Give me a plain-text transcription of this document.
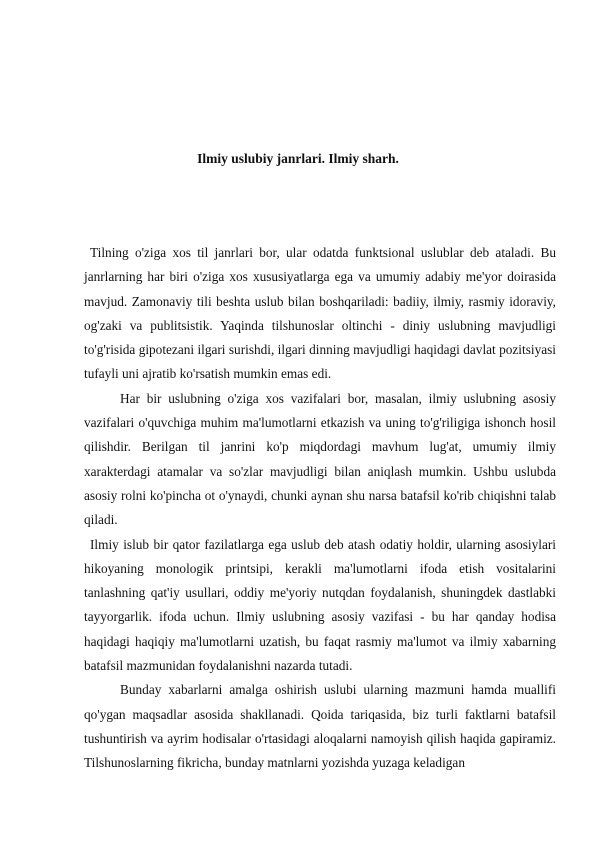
Ilmiy uslubiy janrlari. Ilmiy sharh.

Tilning o'ziga xos til janrlari bor, ular odatda funktsional uslublar deb ataladi. Bu janrlarning har biri o'ziga xos xususiyatlarga ega va umumiy adabiy me'yor doirasida mavjud. Zamonaviy tili beshta uslub bilan boshqariladi: badiiy, ilmiy, rasmiy idoraviy, og'zaki va publitsistik. Yaqinda tilshunoslar oltinchi - diniy uslubning mavjudligi to'g'risida gipotezani ilgari surishdi, ilgari dinning mavjudligi haqidagi davlat pozitsiyasi tufayli uni ajratib ko'rsatish mumkin emas edi.

Har bir uslubning o'ziga xos vazifalari bor, masalan, ilmiy uslubning asosiy vazifalari o'quvchiga muhim ma'lumotlarni etkazish va uning to'g'riligiga ishonch hosil qilishdir. Berilgan til janrini ko'p miqdordagi mavhum lug'at, umumiy ilmiy xarakterdagi atamalar va so'zlar mavjudligi bilan aniqlash mumkin. Ushbu uslubda asosiy rolni ko'pincha ot o'ynaydi, chunki aynan shu narsa batafsil ko'rib chiqishni talab qiladi.

Ilmiy islub bir qator fazilatlarga ega uslub deb atash odatiy holdir, ularning asosiylari hikoyaning monologik printsipi, kerakli ma'lumotlarni ifoda etish vositalarini tanlashning qat'iy usullari, oddiy me'yoriy nutqdan foydalanish, shuningdek dastlabki tayyorgarlik. ifoda uchun. Ilmiy uslubning asosiy vazifasi - bu har qanday hodisa haqidagi haqiqiy ma'lumotlarni uzatish, bu faqat rasmiy ma'lumot va ilmiy xabarning batafsil mazmunidan foydalanishni nazarda tutadi.

Bunday xabarlarni amalga oshirish uslubi ularning mazmuni hamda muallifi qo'ygan maqsadlar asosida shakllanadi. Qoida tariqasida, biz turli faktlarni batafsil tushuntirish va ayrim hodisalar o'rtasidagi aloqalarni namoyish qilish haqida gapiramiz. Tilshunoslarning fikricha, bunday matnlarni yozishda yuzaga keladigan
